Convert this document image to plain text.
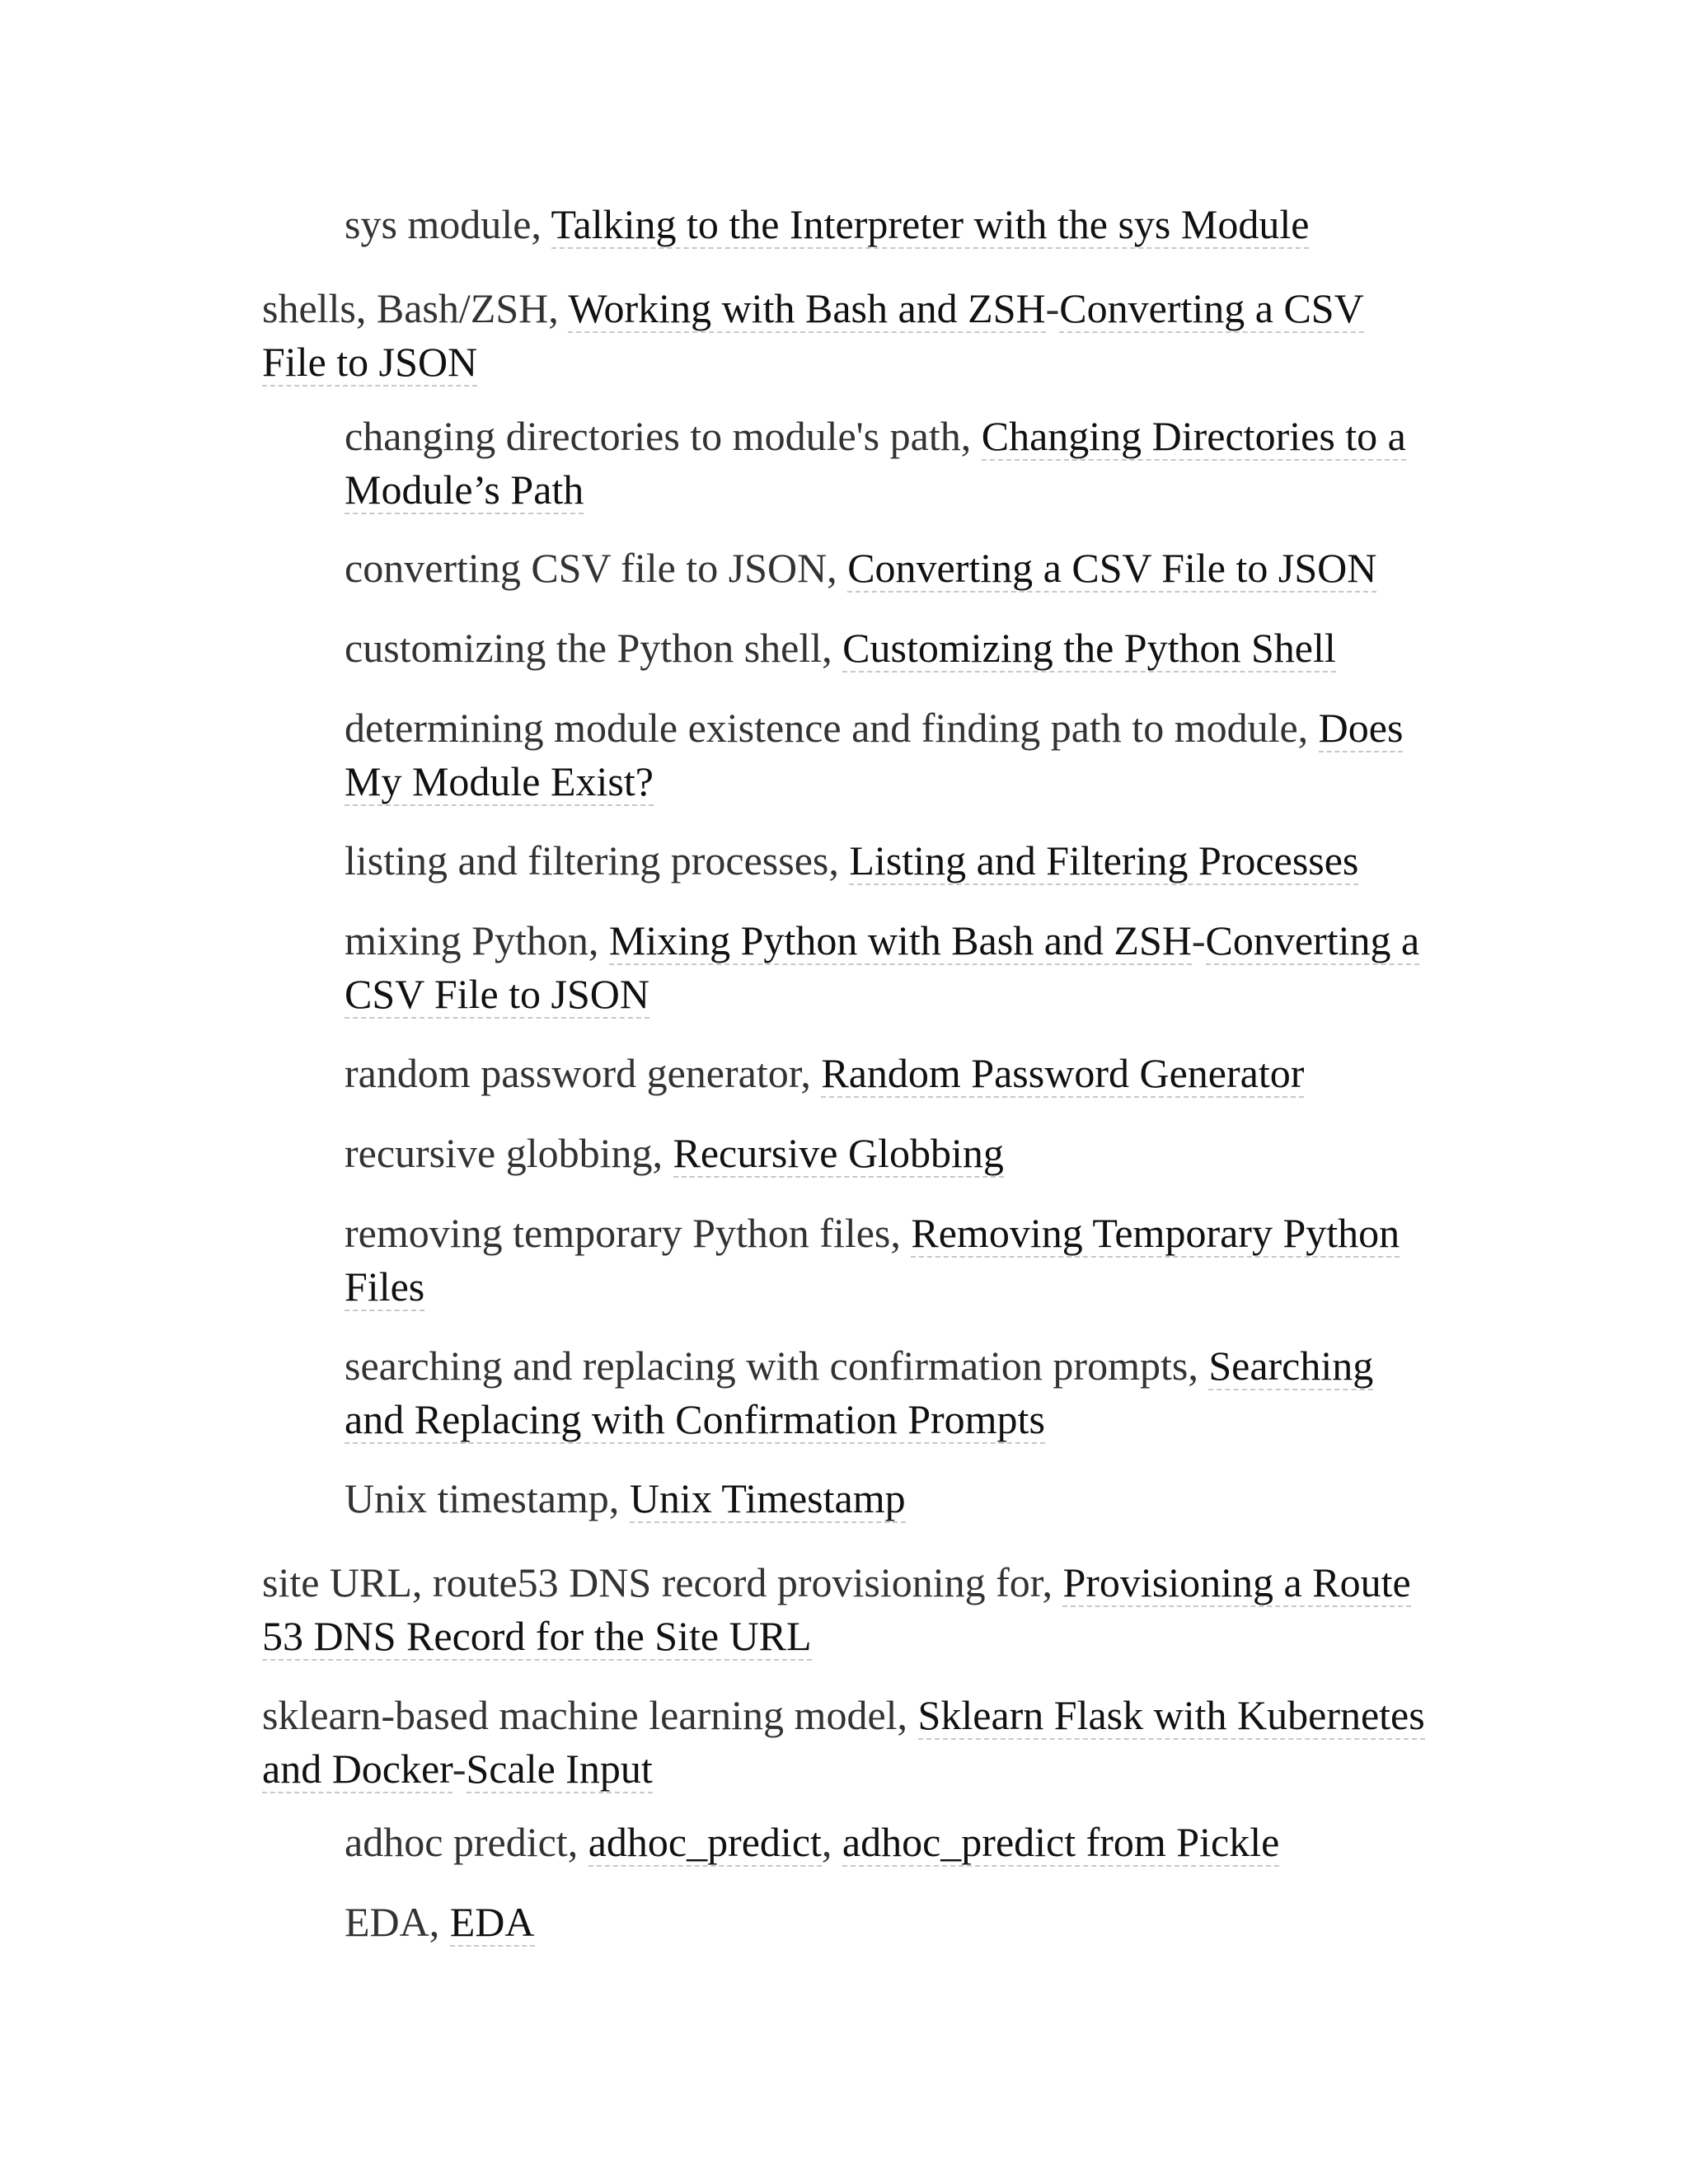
sys module, Talking to the Interpreter with the sys Module

shells, Bash/ZSH, Working with Bash and ZSH-Converting a CSV File to JSON

changing directories to module's path, Changing Directories to a Module’s Path

converting CSV file to JSON, Converting a CSV File to JSON

customizing the Python shell, Customizing the Python Shell

determining module existence and finding path to module, Does My Module Exist?

listing and filtering processes, Listing and Filtering Processes

mixing Python, Mixing Python with Bash and ZSH-Converting a CSV File to JSON

random password generator, Random Password Generator

recursive globbing, Recursive Globbing

removing temporary Python files, Removing Temporary Python Files

searching and replacing with confirmation prompts, Searching and Replacing with Confirmation Prompts

Unix timestamp, Unix Timestamp

site URL, route53 DNS record provisioning for, Provisioning a Route 53 DNS Record for the Site URL

sklearn-based machine learning model, Sklearn Flask with Kubernetes and Docker-Scale Input

adhoc predict, adhoc_predict, adhoc_predict from Pickle

EDA, EDA
